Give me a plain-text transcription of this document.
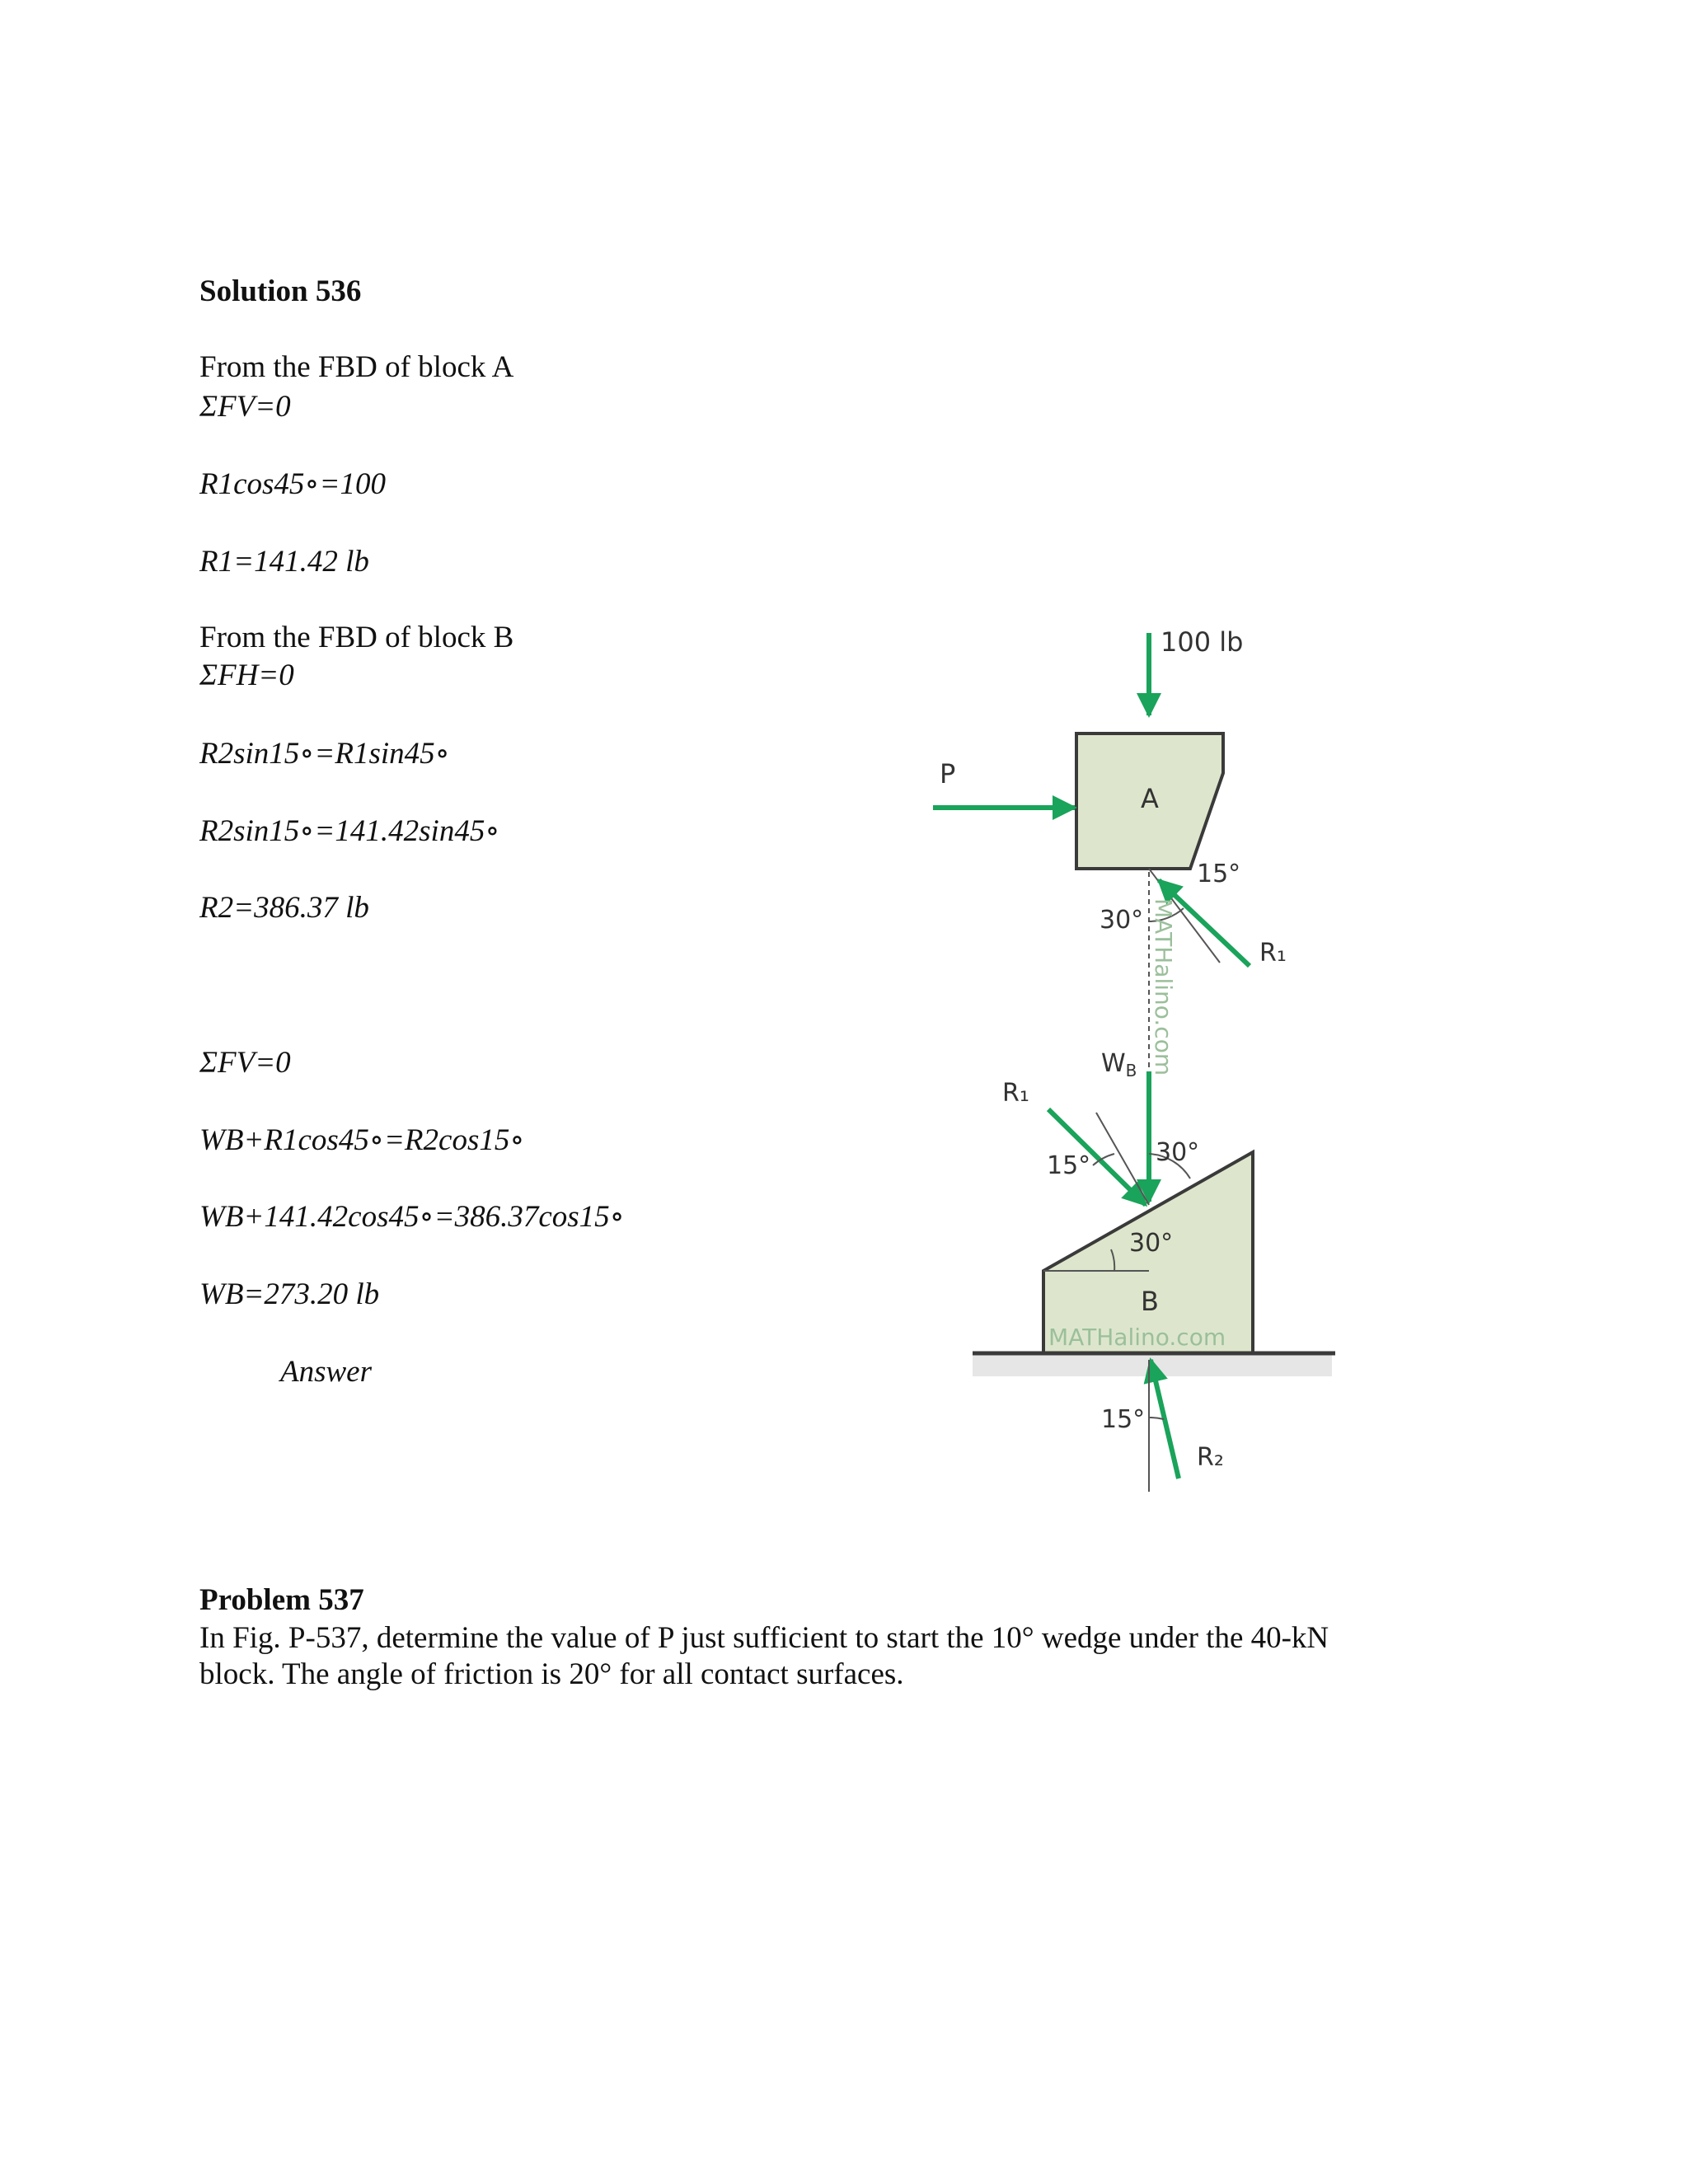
Solution 536
From the FBD of block A
ΣFV=0
R1cos45∘=100
R1=141.42 lb
From the FBD of block B
ΣFH=0
R2sin15∘=R1sin45∘
R2sin15∘=141.42sin45∘
R2=386.37 lb
ΣFV=0
WB+R1cos45∘=R2cos15∘
WB+141.42cos45∘=386.37cos15∘
WB=273.20 lb
Answer
100 lb
A
P
30°
15°
R₁
MATHalino.com
$W_B$
R₁
15°	30°
30°
B
MATHalino.com
15°
R₂
Problem 537
In Fig. P-537, determine the value of P just sufficient to start the 10° wedge under the 40-kN
block. The angle of friction is 20° for all contact surfaces.
